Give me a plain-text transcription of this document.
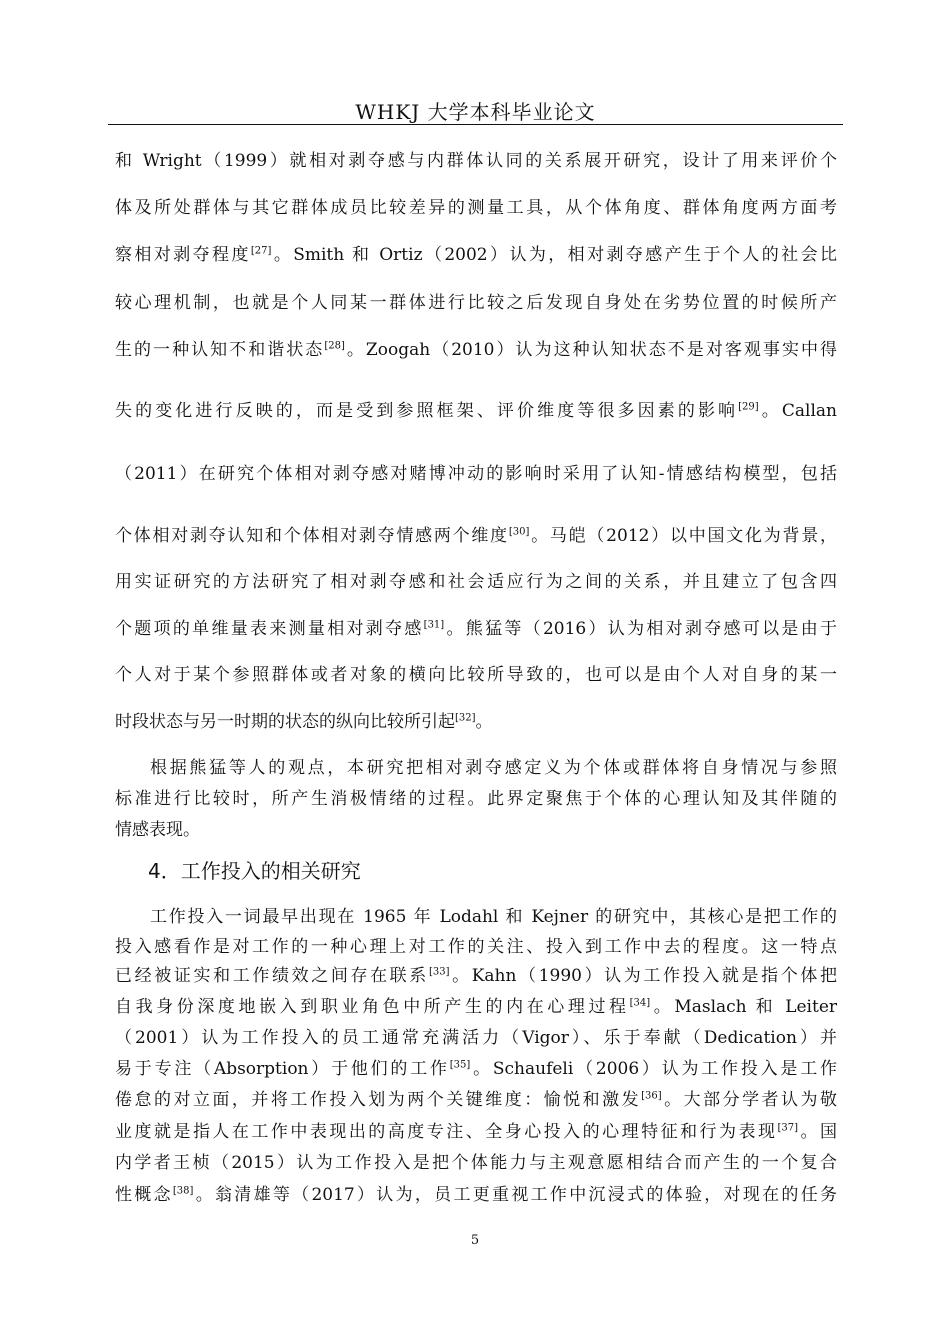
WHKJ 大学本科毕业论文
和 Wright（1999）就相对剥夺感与内群体认同的关系展开研究，设计了用来评价个
体及所处群体与其它群体成员比较差异的测量工具，从个体角度、群体角度两方面考
察相对剥夺程度[27]。Smith 和 Ortiz（2002）认为，相对剥夺感产生于个人的社会比
较心理机制，也就是个人同某一群体进行比较之后发现自身处在劣势位置的时候所产
生的一种认知不和谐状态[28]。Zoogah（2010）认为这种认知状态不是对客观事实中得
失的变化进行反映的，而是受到参照框架、评价维度等很多因素的影响[29]。Callan
（2011）在研究个体相对剥夺感对赌博冲动的影响时采用了认知-情感结构模型，包括
个体相对剥夺认知和个体相对剥夺情感两个维度[30]。马皑（2012）以中国文化为背景，
用实证研究的方法研究了相对剥夺感和社会适应行为之间的关系，并且建立了包含四
个题项的单维量表来测量相对剥夺感[31]。熊猛等（2016）认为相对剥夺感可以是由于
个人对于某个参照群体或者对象的横向比较所导致的，也可以是由个人对自身的某一
时段状态与另一时期的状态的纵向比较所引起[32]。
根据熊猛等人的观点，本研究把相对剥夺感定义为个体或群体将自身情况与参照
标准进行比较时，所产生消极情绪的过程。此界定聚焦于个体的心理认知及其伴随的
情感表现。
4．工作投入的相关研究
工作投入一词最早出现在 1965 年 Lodahl 和 Kejner 的研究中，其核心是把工作的
投入感看作是对工作的一种心理上对工作的关注、投入到工作中去的程度。这一特点
已经被证实和工作绩效之间存在联系[33]。Kahn（1990）认为工作投入就是指个体把
自我身份深度地嵌入到职业角色中所产生的内在心理过程[34]。Maslach 和 Leiter
（2001）认为工作投入的员工通常充满活力（Vigor）、乐于奉献（Dedication）并
易于专注（Absorption）于他们的工作[35]。Schaufeli（2006）认为工作投入是工作
倦怠的对立面，并将工作投入划为两个关键维度：愉悦和激发[36]。大部分学者认为敬
业度就是指人在工作中表现出的高度专注、全身心投入的心理特征和行为表现[37]。国
内学者王桢（2015）认为工作投入是把个体能力与主观意愿相结合而产生的一个复合
性概念[38]。翁清雄等（2017）认为，员工更重视工作中沉浸式的体验，对现在的任务
5
